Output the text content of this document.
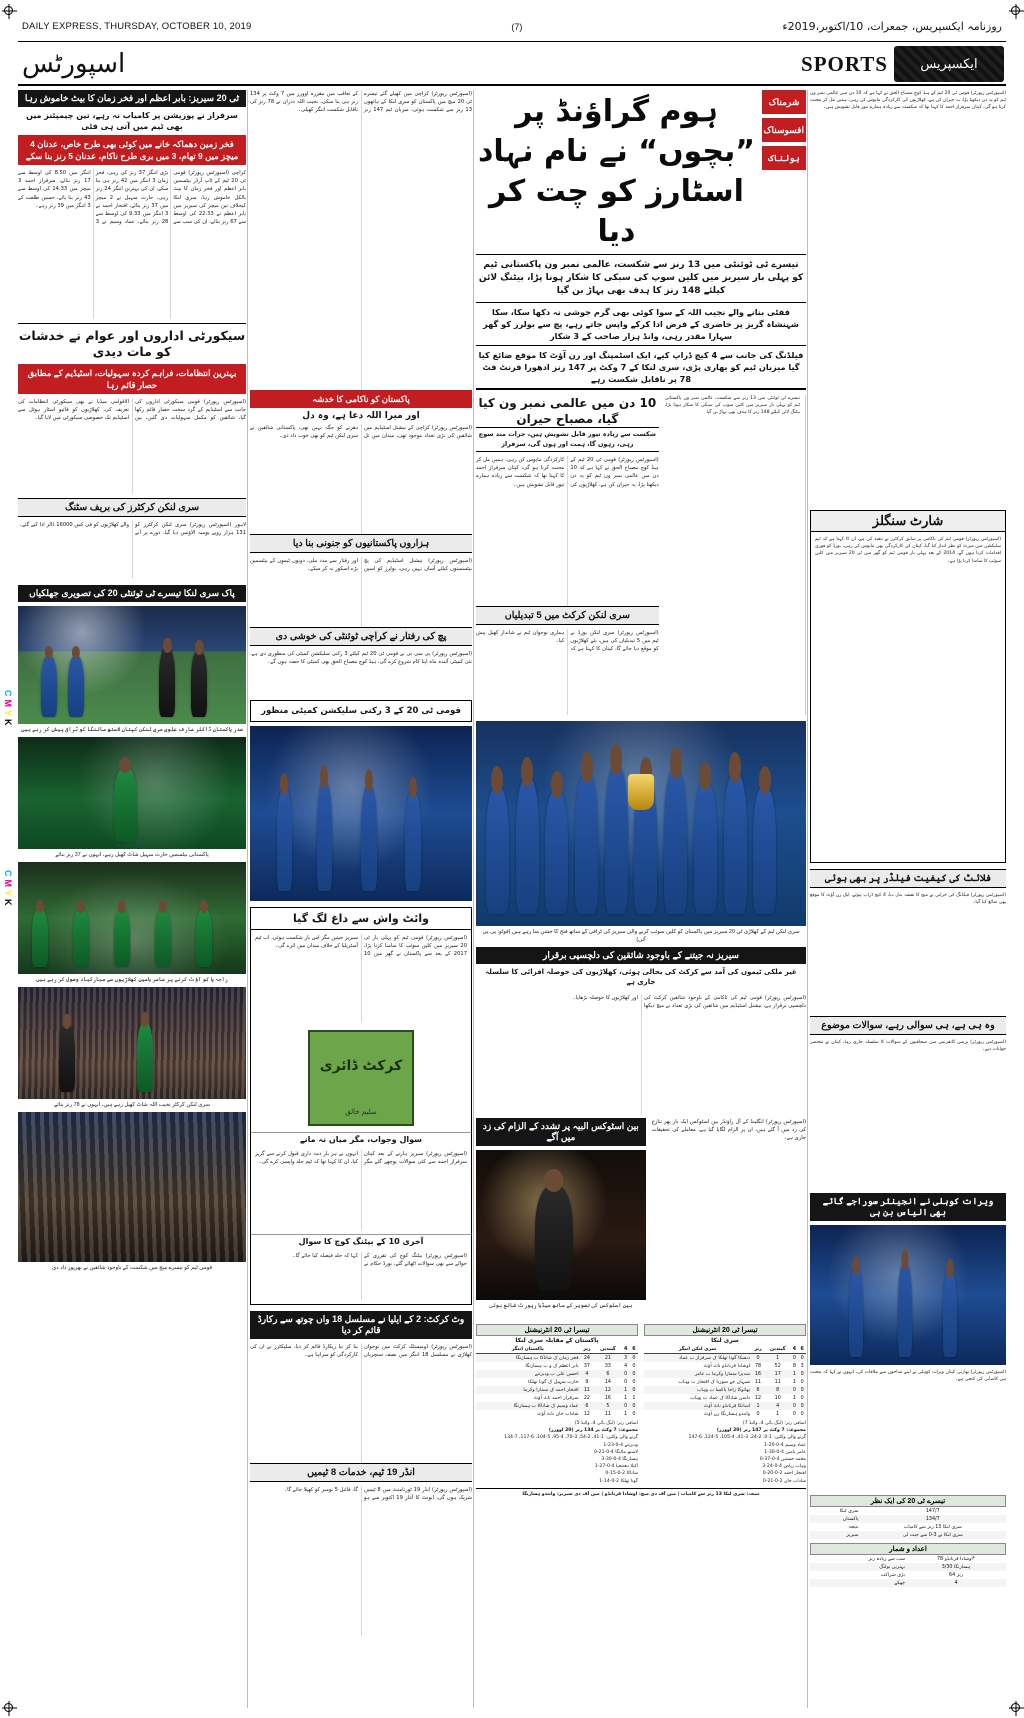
DAILY EXPRESS, THURSDAY, OCTOBER 10, 2019	(7)	روزنامہ ایکسپریس، جمعرات، 10/اکتوبر،2019ء
اسپورٹس	SPORTS	ایکسپریس
ٹی 20 سیریز: بابر اعظم اور فخر زمان کا بیٹ خاموش رہا
سرفراز نے پوزیشن پر کامیاب نہ رہے، تین چیمپئنز میں بھی ٹیم میں آتی ہی فٹی
فخر زمین دھماکہ خانے میں کوئی بھی طرح خاص، عدنان 4 میچز میں 9 تھام، 3 میں بری طرح ناکام، عدنان 5 رنز بنا سکے
کراچی (اسپورٹس رپورٹر) قومی ٹی 20 ٹیم کے ٹاپ آرڈر بیٹسمین بابر اعظم اور فخر زمان کا بیٹ بالکل خاموش رہا، سری لنکا کیخلاف تین میچز کی سیریز میں بابر اعظم نے 22.33 کی اوسط سے 67 رنز بنائے، ان کی سب سے بڑی اننگز 37 رنز کی رہی، فخر زمان 3 اننگز میں 42 رنز ہی بنا سکے، ان کی بہترین اننگز 24 رنز رہی، حارث سہیل نے 2 میچز میں 37 رنز بنائے، افتخار احمد نے 3 اننگز میں 9.33 کی اوسط سے 28 رنز بنائے، عماد وسیم نے 3 اننگز میں 8.50 کی اوسط سے 17 رنز بنائے، سرفراز احمد 3 میچز میں 14.33 کی اوسط سے 43 رنز بنا پائے، حسین طلعت کے 3 اننگز میں 39 رنز رہے۔
سیکورٹی اداروں اور عوام نے خدشات کو مات دیدی
بہترین انتظامات، فراہم کردہ سہولیات، اسٹیڈیم کے مطابق حصار قائم رہا
(اسپورٹس رپورٹر) قومی سیکورٹی اداروں کی جانب سے اسٹیڈیم کے گرد سخت حصار قائم رکھا گیا، شائقین کو مکمل سہولیات دی گئیں، بین الاقوامی میڈیا نے بھی سیکورٹی انتظامات کی تعریف کی، کھلاڑیوں کو فائیو اسٹار ہوٹل سے اسٹیڈیم تک خصوصی سیکورٹی میں لایا گیا۔
سری لنکن کرکٹرز کی بریف سٹنگ
لاہور (اسپورٹس رپورٹر) سری لنکن کرکٹرز کو 131 ہزار روپے یومیہ الاؤنس دیا گیا، دورے پر آنے والے کھلاڑیوں کو فی کس 16000 ڈالر ادا کیے گئے۔
پاک سری لنکا تیسرے ٹی ٹوئنٹی 20 کی تصویری جھلکیاں
صدر پاکستان ڈاکٹر عارف علوی سری لنکن کپتان لاستھ مالنگا کو ٹرافی پیش کر رہے ہیں
پاکستانی بیٹسمین حارث سہیل شاٹ کھیل رہے، انہوں نے 37 رنز بنائے
راجہ پا کو آؤٹ کرنے پر عامر یامین کھلاڑیوں سے مبارکباد وصول کر رہے ہیں
سری لنکن کرکٹر نجیب اللہ شاٹ کھیل رہے ہیں، انہوں نے 78 رنز بنائے
قومی ٹیم کو تیسرے میچ میں شکست کے باوجود شائقین نے بھرپور داد دی
(اسپورٹس رپورٹر) کراچی میں کھیلے گئے تیسرے ٹی 20 میچ میں پاکستان کو سری لنکا کے ہاتھوں 13 رنز سے شکست ہوئی، میزبان ٹیم 147 رنز کے تعاقب میں مقررہ اوورز میں 7 وکٹ پر 134 رنز ہی بنا سکی، نجیب اللہ ذدران نے 78 رنز کی ناقابل شکست اننگز کھیلی۔
پاکستان کو ناکامی کا خدشہ
اور میرا اللہ دعا ہے، وہ دل
(اسپورٹس رپورٹر) کراچی کے نیشنل اسٹیڈیم میں شائقین کی بڑی تعداد موجود تھی، میدان میں تل دھرنے کو جگہ نہیں تھی، پاکستانی شائقین نے سری لنکن ٹیم کو بھی خوب داد دی۔
ہزاروں پاکستانیوں کو جنونی بنا دیا
(اسپورٹس رپورٹر) نیشنل اسٹیڈیم کی پچ بیٹسمینوں کیلئے آسان نہیں رہی، بولرز کو اسپن اور رفتار سے مدد ملی، دونوں ٹیموں کے بیٹسمین بڑے اسکور نہ کر سکے۔
پچ کی رفتار نے کراچی ٹوئنٹی کی خوشی دی
(اسپورٹس رپورٹر) پی سی بی نے قومی ٹی 20 ٹیم کیلئے 3 رکنی سلیکشن کمیٹی کی منظوری دی ہے، نئی کمیٹی آئندہ ماہ اپنا کام شروع کرے گی، ہیڈ کوچ مصباح الحق بھی کمیٹی کا حصہ ہوں گے۔
قومی ٹی 20 کے 3 رکنی سلیکشن کمیٹی منظور
وائٹ واش سے داغ لگ گیا
(اسپورٹس رپورٹر) قومی ٹیم کو پہلی بار ٹی 20 سیریز میں کلین سوئپ کا سامنا کرنا پڑا، 2017 کے بعد سے پاکستان نے گھر میں 10 سیریز جیتیں مگر اس بار شکست ہوئی، اب ٹیم آسٹریلیا کے خلاف میدان میں اترے گی۔
کرکٹ ڈائری
سلیم خالق
سوال وجواب، مگر میاں نہ مانے
(اسپورٹس رپورٹر) سیریز ہارنے کے بعد کپتان سرفراز احمد سے کئی سوالات پوچھے گئے مگر انہوں نے ہر بار ذمہ داری قبول کرنے سے گریز کیا، ان کا کہنا تھا کہ ٹیم جلد واپسی کرے گی۔
آخری 10 کے بیٹنگ کوچ کا سوال
(اسپورٹس رپورٹر) بیٹنگ کوچ کی تقرری کے حوالے سے بھی سوالات اٹھائے گئے، بورڈ حکام نے کہا کہ جلد فیصلہ کیا جائے گا۔
وٹ کرکٹ: 2 کے ایلیا نے مسلسل 18 واں چوتھ سے رکارڈ قائم کر دیا
(اسپورٹس رپورٹر) ڈومیسٹک کرکٹ میں نوجوان کھلاڑی نے مسلسل 18 اننگز میں نصف سنچریاں بنا کر نیا ریکارڈ قائم کر دیا، سلیکٹرز نے ان کی کارکردگی کو سراہا ہے۔
انڈر 19 ٹیم، خدمات 8 ٹیمیں
(اسپورٹس رپورٹر) انڈر 19 ٹورنامنٹ میں 8 ٹیمیں شریک ہوں گی، ایونٹ کا آغاز 19 اکتوبر سے ہو گا، فائنل 5 نومبر کو کھیلا جائے گا۔
ہوم گراؤنڈ پر ”بچوں“ نے نام نہاد اسٹارز کو چت کر دیا
شرمناک
افسوسناک
ہولناک
تیسرے ٹی ٹوئنٹی میں 13 رنز سے شکست، عالمی نمبر ون پاکستانی ٹیم کو پہلی بار سیریز میں کلین سوپ کی سبکی کا شکار ہونا پڑا، بیٹنگ لائن کیلئے 148 رنز کا ہدف بھی پہاڑ بن گیا
ففٹی بنانے والے نجیب اللہ کے سوا کوئی بھی گرم جوشی نہ دکھا سکا، سکا شہنشاہ گریز پر حاضری کے فرض ادا کرکے واپس جاتے رہے، پچ سے بولرز کو گھر سہارا مقدر رہی، وانڈ ہزار صاحب کے 3 شکار
فیلڈنگ کی جانب سے 4 کیچ ڈراپ کیے، ایک اسٹمپنگ اور رن آؤٹ کا موقع ضائع کیا گیا میزبان ٹیم کو بھاری پڑی، سری لنکا کے 7 وکٹ پر 147 رنز ادھورا فرنٹ فٹ 78 پر ناقابل شکست رہے
10 دن میں عالمی نمبر ون کیا گیا، مصباح حیران
شکست سے زیادہ تیور قابل تشویش ہیں، جرات مند سوچ رہی، رہوں گا، ہمت اور ہوں گی، سرفراز
(اسپورٹس رپورٹر) قومی ٹی 20 ٹیم کے ہیڈ کوچ مصباح الحق نے کہا ہے کہ 10 دن میں عالمی نمبر ون ٹیم کو یہ دن دیکھنا پڑا، یہ حیران کن ہے، کھلاڑیوں کی کارکردگی مایوس کن رہی، ہمیں مل کر محنت کرنا ہو گی، کپتان سرفراز احمد کا کہنا تھا کہ شکست سے زیادہ ہمارے تیور قابل تشویش ہیں۔
سری لنکن کرکٹ میں 5 تبدیلیاں
(اسپورٹس رپورٹر) سری لنکن بورڈ نے ٹیم میں 5 تبدیلیاں کی ہیں، نئے کھلاڑیوں کو موقع دیا جائے گا، کپتان کا کہنا ہے کہ ہماری نوجوان ٹیم نے شاندار کھیل پیش کیا۔
تیسرے ٹی ٹوئنٹی میں 13 رنز سے شکست، عالمی نمبر ون پاکستانی ٹیم کو پہلی بار سیریز میں کلین سوپ کی سبکی کا شکار ہونا پڑا، بیٹنگ لائن کیلئے 148 رنز کا ہدف بھی پہاڑ بن گیا
سری لنکن ٹیم کے کھلاڑی ٹی 20 سیریز میں پاکستان کو کلین سوئپ کرنے والی سیریز کی ٹرافی کے ساتھ فتح کا جشن منا رہے ہیں (فوٹو: پی پی آئی)
سیریز نہ جیتنے کے باوجود شائقین کی دلچسپی برقرار
غیر ملکی ٹیموں کی آمد سے کرکٹ کی بحالی ہوئی، کھلاڑیوں کی حوصلہ افزائی کا سلسلہ جاری ہے
(اسپورٹس رپورٹر) قومی ٹیم کی ناکامی کے باوجود شائقین کرکٹ کی دلچسپی برقرار ہے، نیشنل اسٹیڈیم میں شائقین کی بڑی تعداد نے میچ دیکھا اور کھلاڑیوں کا حوصلہ بڑھایا۔
بین اسٹوکس البیہ پر تشدد کے الزام کی زد میں آگے
بین اسٹوکس کی تصویر کے ساتھ میڈیا رپورٹ شائع ہوئی
(اسپورٹس رپورٹر) انگلینڈ کے آل راؤنڈر بین اسٹوکس ایک بار پھر تنازع کی زد میں آ گئے ہیں، ان پر الزام لگایا گیا ہے، معاملے کی تحقیقات جاری ہے۔
تیسرا ٹی 20 انٹرنیشنل
پاکستان کے مقابلہ سری لنکا
6	4	گیندیں	رنز	پاکستان اننگز
0	3	21	24	فخر زمان ک شاناکا ب ہسارنگا
0	4	33	37	بابر اعظم ک و ب ہسارنگا
0	0	6	4	احسن علی ب ودیرتنے
0	0	14	9	حارث سہیل ک گونا تھلکا
0	1	12	11	افتخار احمد ک سمارا وکرما
1	1	16	22	سرفراز احمد ناٹ آؤٹ
0	0	5	6	عماد وسیم ک شاناکا ب ہسارنگا
0	1	11	12	شاداب خان ناٹ آؤٹ
اضافی رنز: (لیگ بائی 4، وائیڈ 5)
مجموعہ: 7 وکٹ پر 134 رنز (20 اوورز)
گرنے والی وکٹیں: 1-41، 2-54، 3-70، 4-95، 5-104، 6-117، 7-134
ودیرتنے 4-0-23-1
لاستھ مالنگا 4-0-21-0
ہسارنگا 4-0-30-3
اکیلا دھننجیا 4-0-27-1
شاناکا 2-0-15-0
گونا تھلکا 2-0-14-1
تیسرا ٹی 20 انٹرنیشنل
سری لنکا
6	4	گیندیں	رنز	سری لنکن اننگز
0	0	1	0	دنشکا گونا تھلکا ک سرفراز ب عماد
3	8	52	78	اوشادا فرنانڈو ناٹ آؤٹ
0	1	17	16	سدیرا سمارا وکرما ب عامر
0	1	11	11	شیہان جے سوریا ک افتخار ب وہاب
0	0	8	6	بھانوکا راجا پاکسا ب وہاب
0	1	10	12	داسن شاناکا ک عماد ب وہاب
0	0	4	1	اسانکا فرنانڈو ناٹ آؤٹ
0	0	1	0	وانندو ہسارنگا رن آؤٹ
اضافی رنز: (لیگ بائی 4، وائیڈ 7)
مجموعہ: 7 وکٹ پر 147 رنز (20 اوورز)
گرنے والی وکٹیں: 1-0، 2-24، 3-41، 4-105، 5-124، 6-147
عماد وسیم 4-0-20-1
عامر یامین 4-0-30-1
محمد حسنین 4-0-37-0
وہاب ریاض 4-0-24-3
افتخار احمد 2-0-20-0
شاداب خان 2-0-21-0
نتیجہ: سری لنکا 13 رنز سے کامیاب | مین آف دی میچ: اوشادا فرنانڈو | مین آف دی سیریز: وانندو ہسارنگا
(اسپورٹس رپورٹر) قومی ٹی 20 ٹیم کے ہیڈ کوچ مصباح الحق نے کہا ہے کہ 10 دن میں عالمی نمبر ون ٹیم کو یہ دن دیکھنا پڑا، یہ حیران کن ہے، کھلاڑیوں کی کارکردگی مایوس کن رہی، ہمیں مل کر محنت کرنا ہو گی، کپتان سرفراز احمد کا کہنا تھا کہ شکست سے زیادہ ہمارے تیور قابل تشویش ہیں۔
شارٹ سنگلز
(اسپورٹس رپورٹر) قومی ٹیم کی ناکامی پر سابق کرکٹرز نے تنقید کی ہے، ان کا کہنا ہے کہ ٹیم سلیکشن میں میرٹ کو نظر انداز کیا گیا، کپتان کی کارکردگی بھی مایوس کن رہی، بورڈ کو فوری اقدامات کرنا ہوں گے، 2014 کے بعد پہلی بار قومی ٹیم کو گھر میں ٹی 20 سیریز میں کلین سوئپ کا سامنا کرنا پڑا ہے۔
فلائٹ کی کیفیت فیلڈر پر بھی ہوئی
(اسپورٹس رپورٹر) فیلڈنگ کی خرابی نے میچ کا نقشہ بدل دیا، 4 کیچ ڈراپ ہوئے، ایک رن آؤٹ کا موقع بھی ضائع کیا گیا۔
وہ ہی ہے، ہی سوالی رہے، سوالات موضوع
(اسپورٹس رپورٹر) پریس کانفرنس میں صحافیوں کے سوالات کا سلسلہ جاری رہا، کپتان نے مختصر جوابات دیے۔
ویرات کوہلی نے انجینئر سوراجے گائے بھی الیاس بن ہی
(اسپورٹس رپورٹر) بھارتی کپتان ویرات کوہلی نے اپنے مداحوں سے ملاقات کی، انہوں نے کہا کہ محنت ہی کامیابی کی کنجی ہے۔
تیسرے ٹی 20 کی ایک نظر
147/7	سری لنکا
134/7	پاکستان
سری لنکا 13 رنز سے کامیاب	نتیجہ
سری لنکا نے 3-0 سے جیت لی	سیریز
اعداد و شمار
اوشادا فرنانڈو 78*	سب سے زیادہ رنز
ہسارنگا 3/30	بہترین بولنگ
64 رنز	بڑی شراکت
4	چھکے
CMYK
CMYK
